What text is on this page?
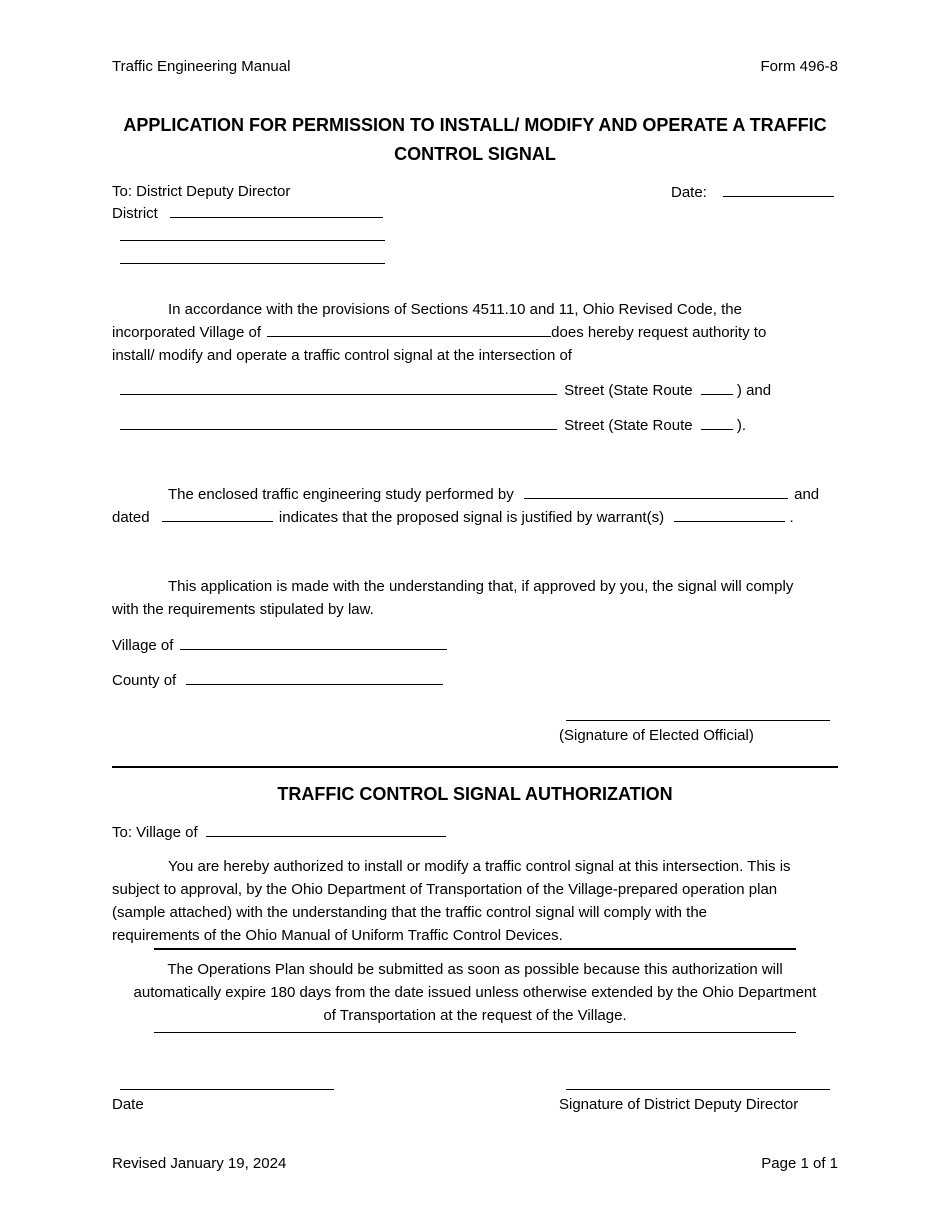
Traffic Engineering Manual	Form 496-8
APPLICATION FOR PERMISSION TO INSTALL/ MODIFY AND OPERATE A TRAFFIC
CONTROL SIGNAL
To: District Deputy Director	Date:
District
In accordance with the provisions of Sections 4511.10 and 11, Ohio Revised Code, the
incorporated Village of	does hereby request authority to
install/ modify and operate a traffic control signal at the intersection of
Street (State Route	) and
Street (State Route	).
The enclosed traffic engineering study performed by	and
dated	indicates that the proposed signal is justified by warrant(s)	.
This application is made with the understanding that, if approved by you, the signal will comply
with the requirements stipulated by law.
Village of
County of
(Signature of Elected Official)
TRAFFIC CONTROL SIGNAL AUTHORIZATION
To: Village of
You are hereby authorized to install or modify a traffic control signal at this intersection. This is
subject to approval, by the Ohio Department of Transportation of the Village-prepared operation plan
(sample attached) with the understanding that the traffic control signal will comply with the
requirements of the Ohio Manual of Uniform Traffic Control Devices.
The Operations Plan should be submitted as soon as possible because this authorization will
automatically expire 180 days from the date issued unless otherwise extended by the Ohio Department
of Transportation at the request of the Village.
Date	Signature of District Deputy Director
Revised January 19, 2024	Page 1 of 1
